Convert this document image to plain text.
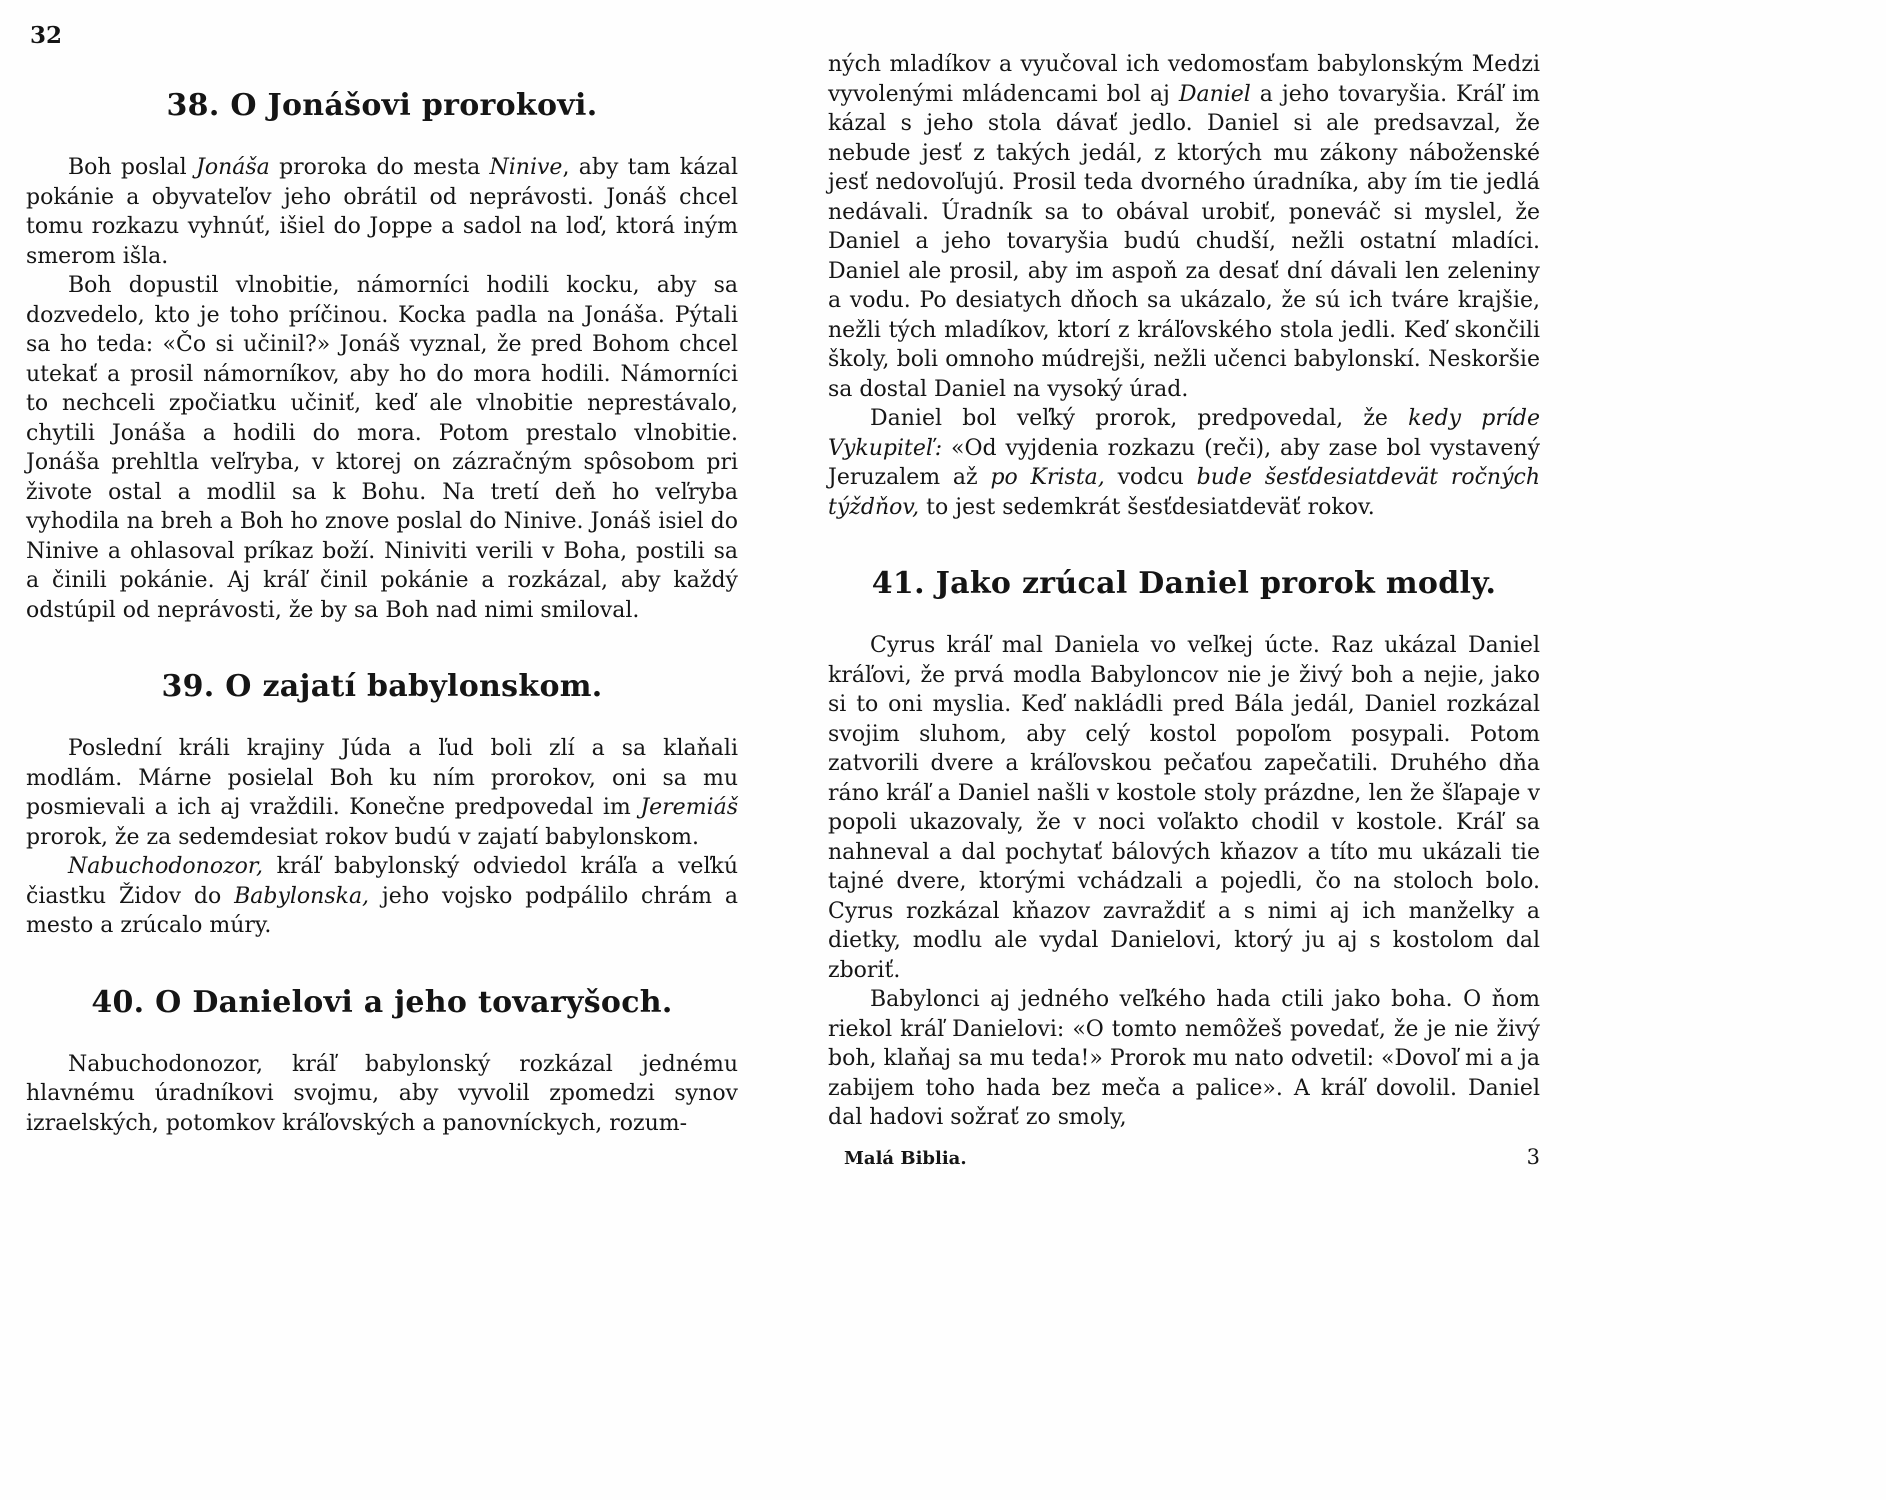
32
38. O Jonášovi prorokovi.

Boh poslal Jonáša proroka do mesta Ninive, aby tam kázal pokánie a obyvateľov jeho obrátil od neprávosti. Jonáš chcel tomu rozkazu vyhnúť, išiel do Joppe a sadol na loď, ktorá iným smerom išla.

Boh dopustil vlnobitie, námorníci hodili kocku, aby sa dozvedelo, kto je toho príčinou. Kocka padla na Jonáša. Pýtali sa ho teda: «Čo si učinil?» Jonáš vyznal, že pred Bohom chcel utekať a prosil námorníkov, aby ho do mora hodili. Námorníci to nechceli zpočiatku učiniť, keď ale vlnobitie neprestávalo, chytili Jonáša a hodili do mora. Potom prestalo vlnobitie. Jonáša prehltla veľryba, v ktorej on zázračným spôsobom pri živote ostal a modlil sa k Bohu. Na tretí deň ho veľryba vyhodila na breh a Boh ho znove poslal do Ninive. Jonáš isiel do Ninive a ohlasoval príkaz boží. Niniviti verili v Boha, postili sa a činili pokánie. Aj kráľ činil pokánie a rozkázal, aby každý odstúpil od neprávosti, že by sa Boh nad nimi smiloval.

39. O zajatí babylonskom.

Poslední králi krajiny Júda a ľud boli zlí a sa klaňali modlám. Márne posielal Boh ku ním prorokov, oni sa mu posmievali a ich aj vraždili. Konečne predpovedal im Jeremiáš prorok, že za sedemdesiat rokov budú v zajatí babylonskom.

Nabuchodonozor, kráľ babylonský odviedol kráľa a veľkú čiastku Židov do Babylonska, jeho vojsko podpálilo chrám a mesto a zrúcalo múry.

40. O Danielovi a jeho tovaryšoch.

Nabuchodonozor, kráľ babylonský rozkázal jednému hlavnému úradníkovi svojmu, aby vyvolil zpomedzi synov izraelských, potomkov kráľovských a panovníckych, rozum-

ných mladíkov a vyučoval ich vedomosťam babylonským Medzi vyvolenými mládencami bol aj Daniel a jeho tovaryšia. Kráľ im kázal s jeho stola dávať jedlo. Daniel si ale predsavzal, že nebude jesť z takých jedál, z ktorých mu zákony náboženské jesť nedovoľujú. Prosil teda dvorného úradníka, aby ím tie jedlá nedávali. Úradník sa to obával urobiť, poneváč si myslel, že Daniel a jeho tovaryšia budú chudší, nežli ostatní mladíci. Daniel ale prosil, aby im aspoň za desať dní dávali len zeleniny a vodu. Po desiatych dňoch sa ukázalo, že sú ich tváre krajšie, nežli tých mladíkov, ktorí z kráľovského stola jedli. Keď skončili školy, boli omnoho múdrejši, nežli učenci babylonskí. Neskoršie sa dostal Daniel na vysoký úrad.

Daniel bol veľký prorok, predpovedal, že kedy príde Vykupiteľ: «Od vyjdenia rozkazu (reči), aby zase bol vystavený Jeruzalem až po Krista, vodcu bude šesťdesiatdevät ročných týždňov, to jest sedemkrát šesťdesiatdeväť rokov.

41. Jako zrúcal Daniel prorok modly.

Cyrus kráľ mal Daniela vo veľkej úcte. Raz ukázal Daniel kráľovi, že prvá modla Babyloncov nie je živý boh a nejie, jako si to oni myslia. Keď nakládli pred Bála jedál, Daniel rozkázal svojim sluhom, aby celý kostol popoľom posypali. Potom zatvorili dvere a kráľovskou pečaťou zapečatili. Druhého dňa ráno kráľ a Daniel našli v kostole stoly prázdne, len že šľapaje v popoli ukazovaly, že v noci voľakto chodil v kostole. Kráľ sa nahneval a dal pochytať bálových kňazov a títo mu ukázali tie tajné dvere, ktorými vchádzali a pojedli, čo na stoloch bolo. Cyrus rozkázal kňazov zavraždiť a s nimi aj ich manželky a dietky, modlu ale vydal Danielovi, ktorý ju aj s kostolom dal zboriť.

Babylonci aj jedného veľkého hada ctili jako boha. O ňom riekol kráľ Danielovi: «O tomto nemôžeš povedať, že je nie živý boh, klaňaj sa mu teda!» Prorok mu nato odvetil: «Dovoľ mi a ja zabijem toho hada bez meča a palice». A kráľ dovolil. Daniel dal hadovi sožrať zo smoly,

Malá Biblia.	3
